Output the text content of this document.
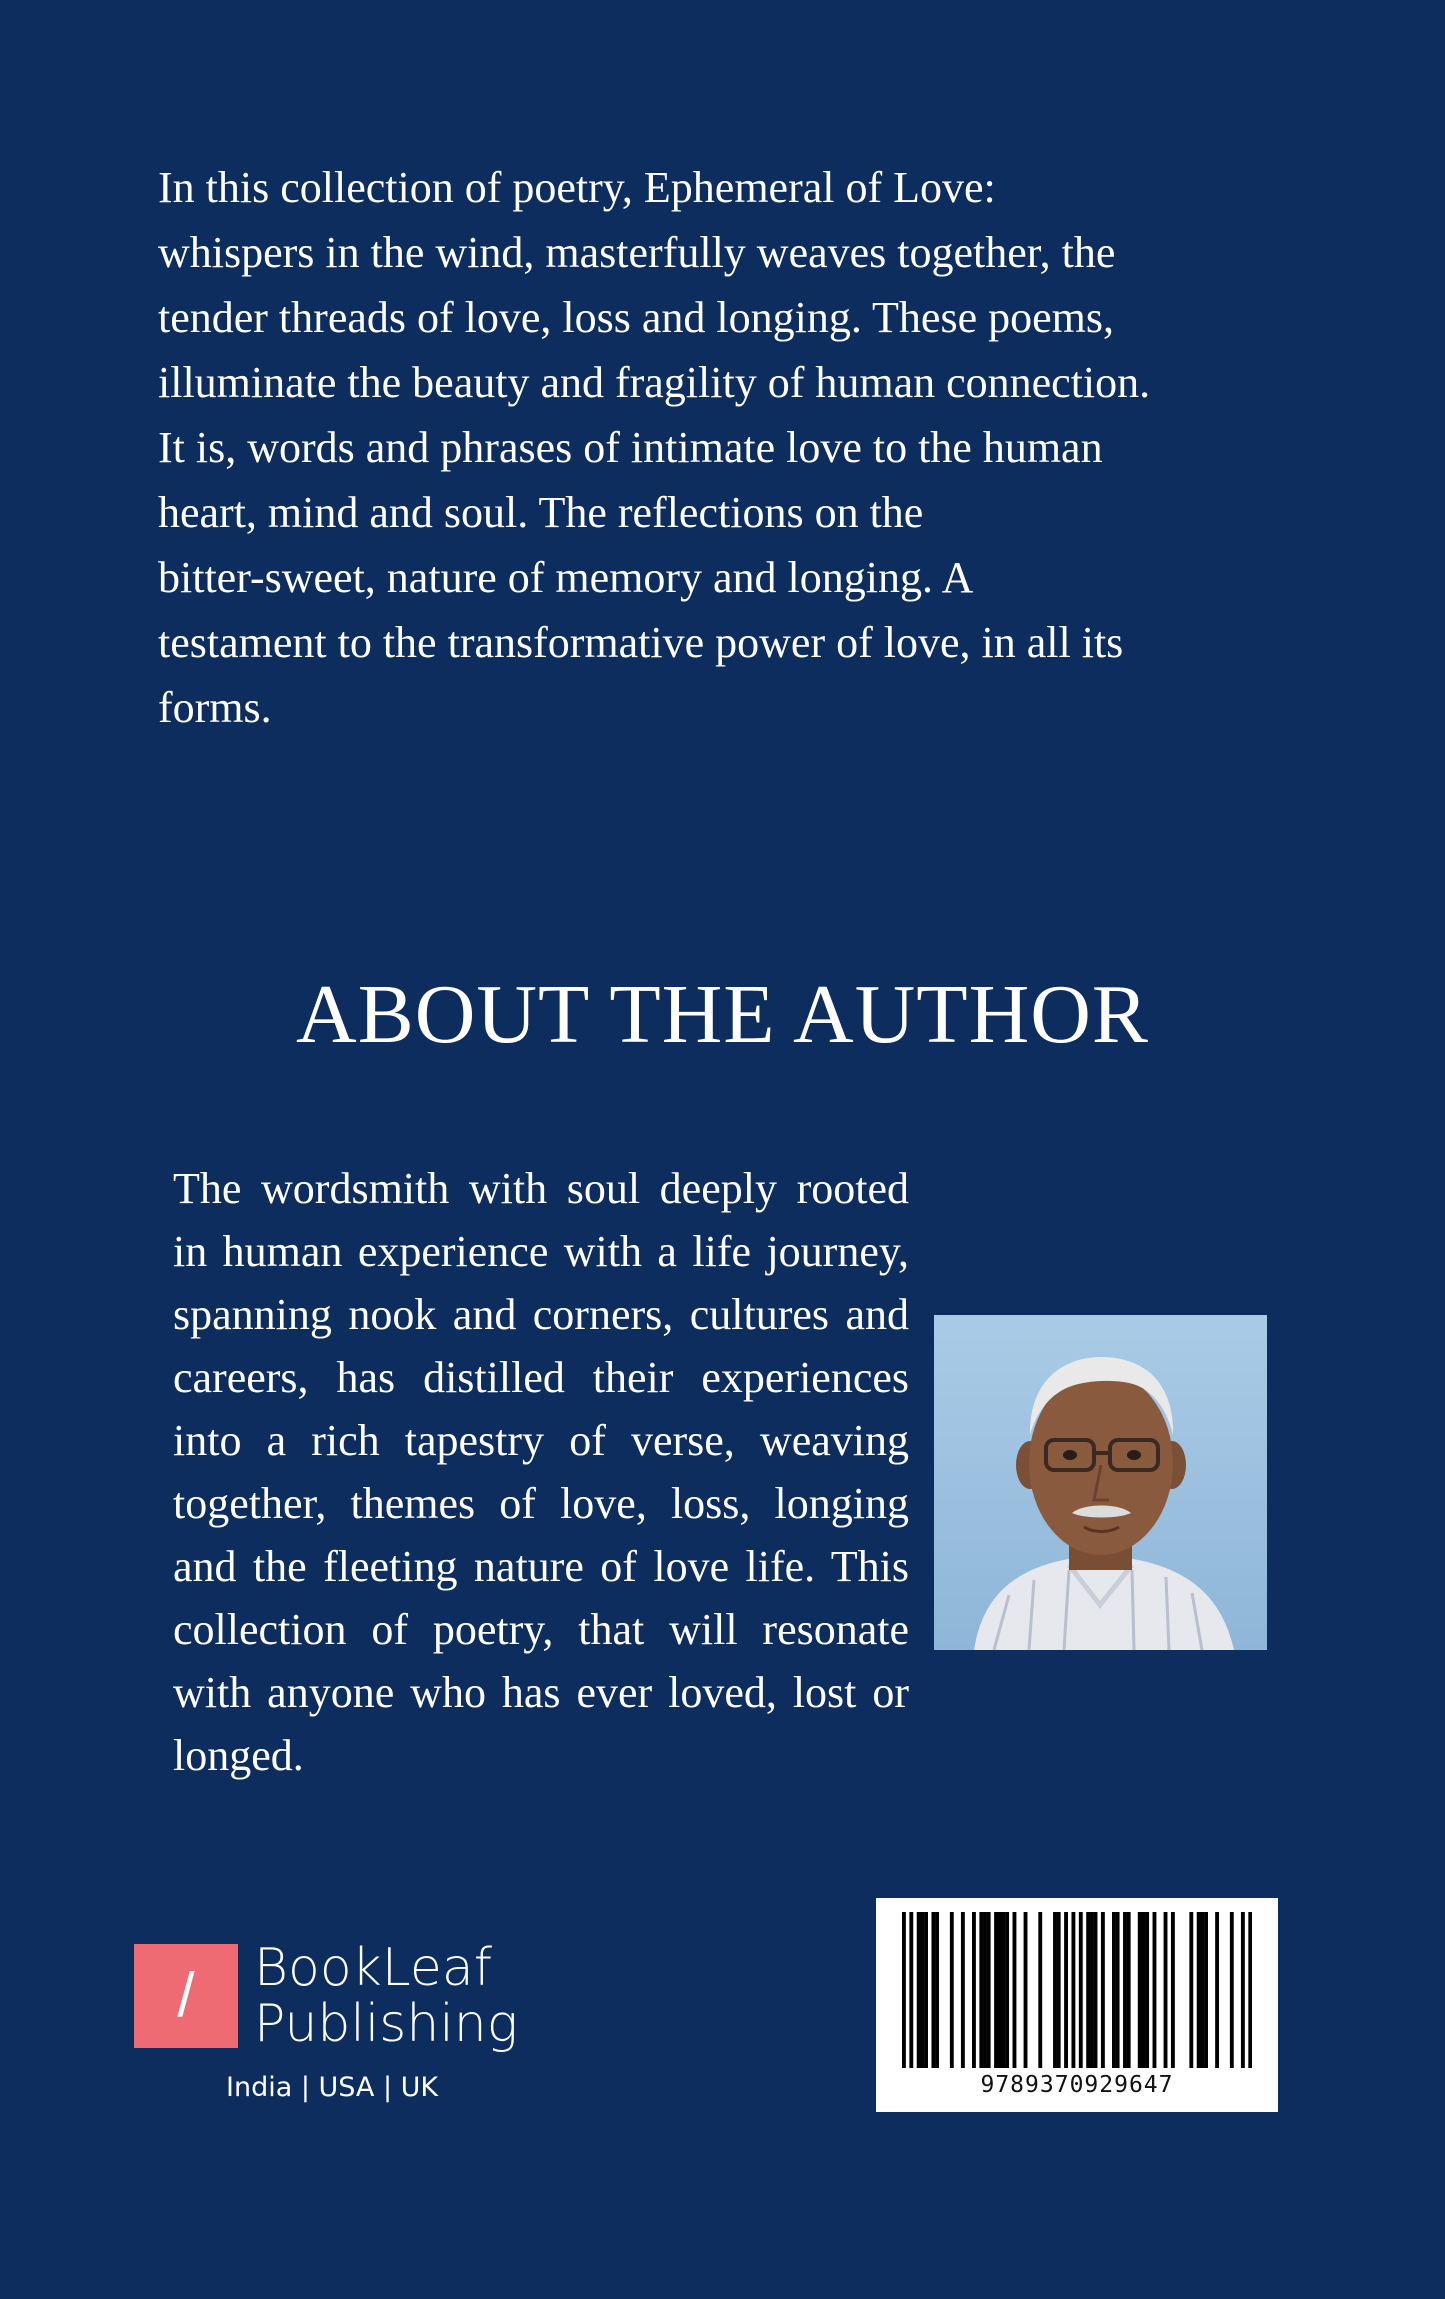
In this collection of poetry, Ephemeral of Love:
whispers in the wind, masterfully weaves together, the
tender threads of love, loss and longing. These poems,
illuminate the beauty and fragility of human connection.
It is, words and phrases of intimate love to the human
heart, mind and soul. The reflections on the
bitter-sweet, nature of memory and longing. A
testament to the transformative power of love, in all its
forms.
ABOUT THE AUTHOR

The wordsmith with soul deeply rooted in human experience with a life journey, spanning nook and corners, cultures and careers, has distilled their experiences into a rich tapestry of verse, weaving together, themes of love, loss, longing and the fleeting nature of love life. This collection of poetry, that will resonate with anyone who has ever loved, lost or longed.

/	BookLeaf
Publishing
India | USA | UK	9789370929647
